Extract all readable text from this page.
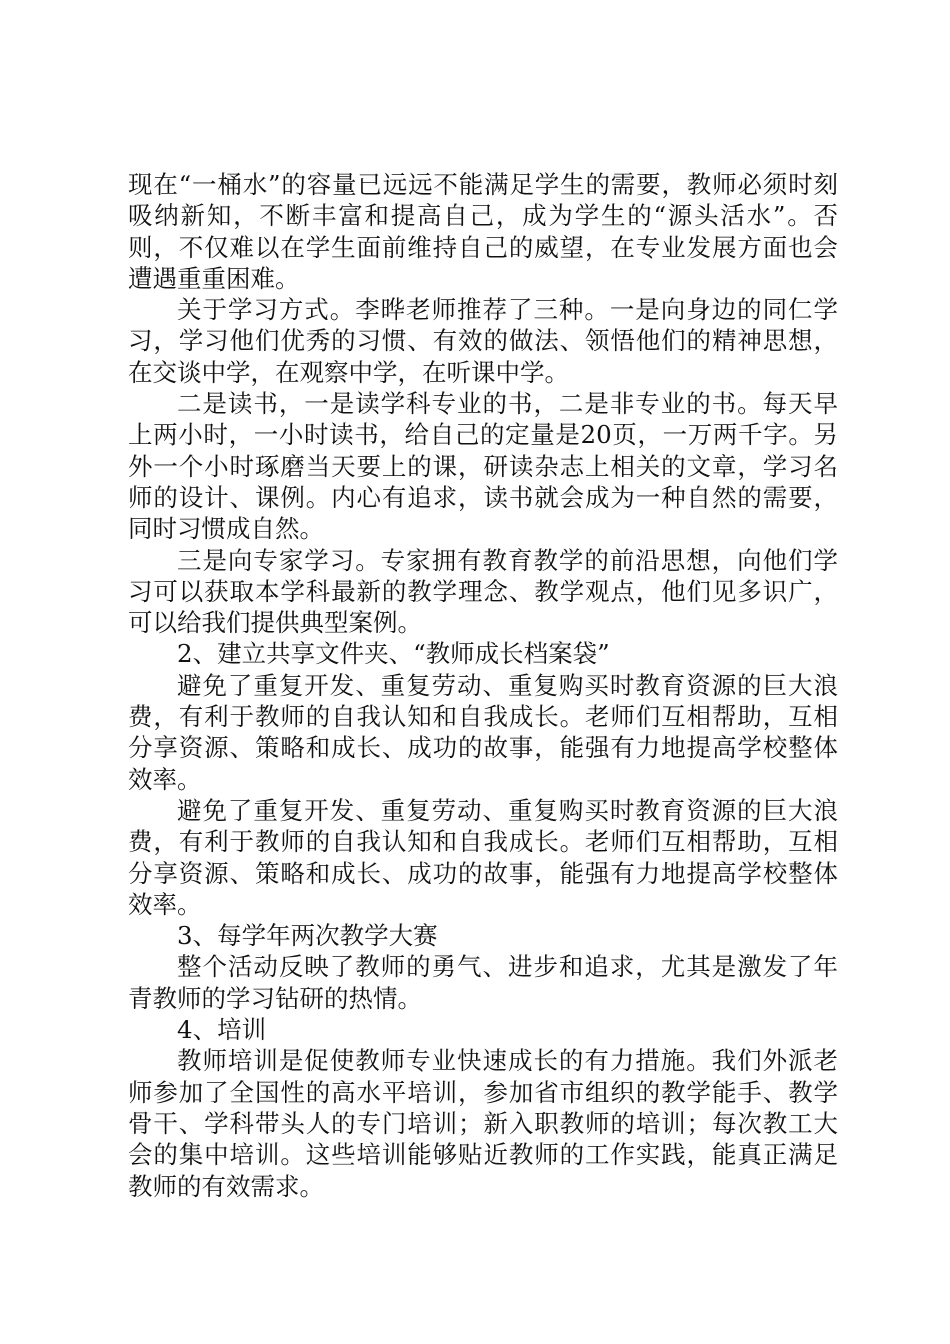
现在“一桶水”的容量已远远不能满足学生的需要，教师必须时刻吸纳新知，不断丰富和提高自己，成为学生的“源头活水”。否则，不仅难以在学生面前维持自己的威望，在专业发展方面也会遭遇重重困难。

关于学习方式。李晔老师推荐了三种。一是向身边的同仁学习，学习他们优秀的习惯、有效的做法、领悟他们的精神思想，在交谈中学，在观察中学，在听课中学。

二是读书，一是读学科专业的书，二是非专业的书。每天早上两小时，一小时读书，给自己的定量是20页，一万两千字。另外一个小时琢磨当天要上的课，研读杂志上相关的文章，学习名师的设计、课例。内心有追求，读书就会成为一种自然的需要，同时习惯成自然。

三是向专家学习。专家拥有教育教学的前沿思想，向他们学习可以获取本学科最新的教学理念、教学观点，他们见多识广，可以给我们提供典型案例。

2、建立共享文件夹、“教师成长档案袋”

避免了重复开发、重复劳动、重复购买时教育资源的巨大浪费，有利于教师的自我认知和自我成长。老师们互相帮助，互相分享资源、策略和成长、成功的故事，能强有力地提高学校整体效率。

避免了重复开发、重复劳动、重复购买时教育资源的巨大浪费，有利于教师的自我认知和自我成长。老师们互相帮助，互相分享资源、策略和成长、成功的故事，能强有力地提高学校整体效率。

3、每学年两次教学大赛

整个活动反映了教师的勇气、进步和追求，尤其是激发了年青教师的学习钻研的热情。

4、培训

教师培训是促使教师专业快速成长的有力措施。我们外派老师参加了全国性的高水平培训，参加省市组织的教学能手、教学骨干、学科带头人的专门培训；新入职教师的培训；每次教工大会的集中培训。这些培训能够贴近教师的工作实践，能真正满足教师的有效需求。
